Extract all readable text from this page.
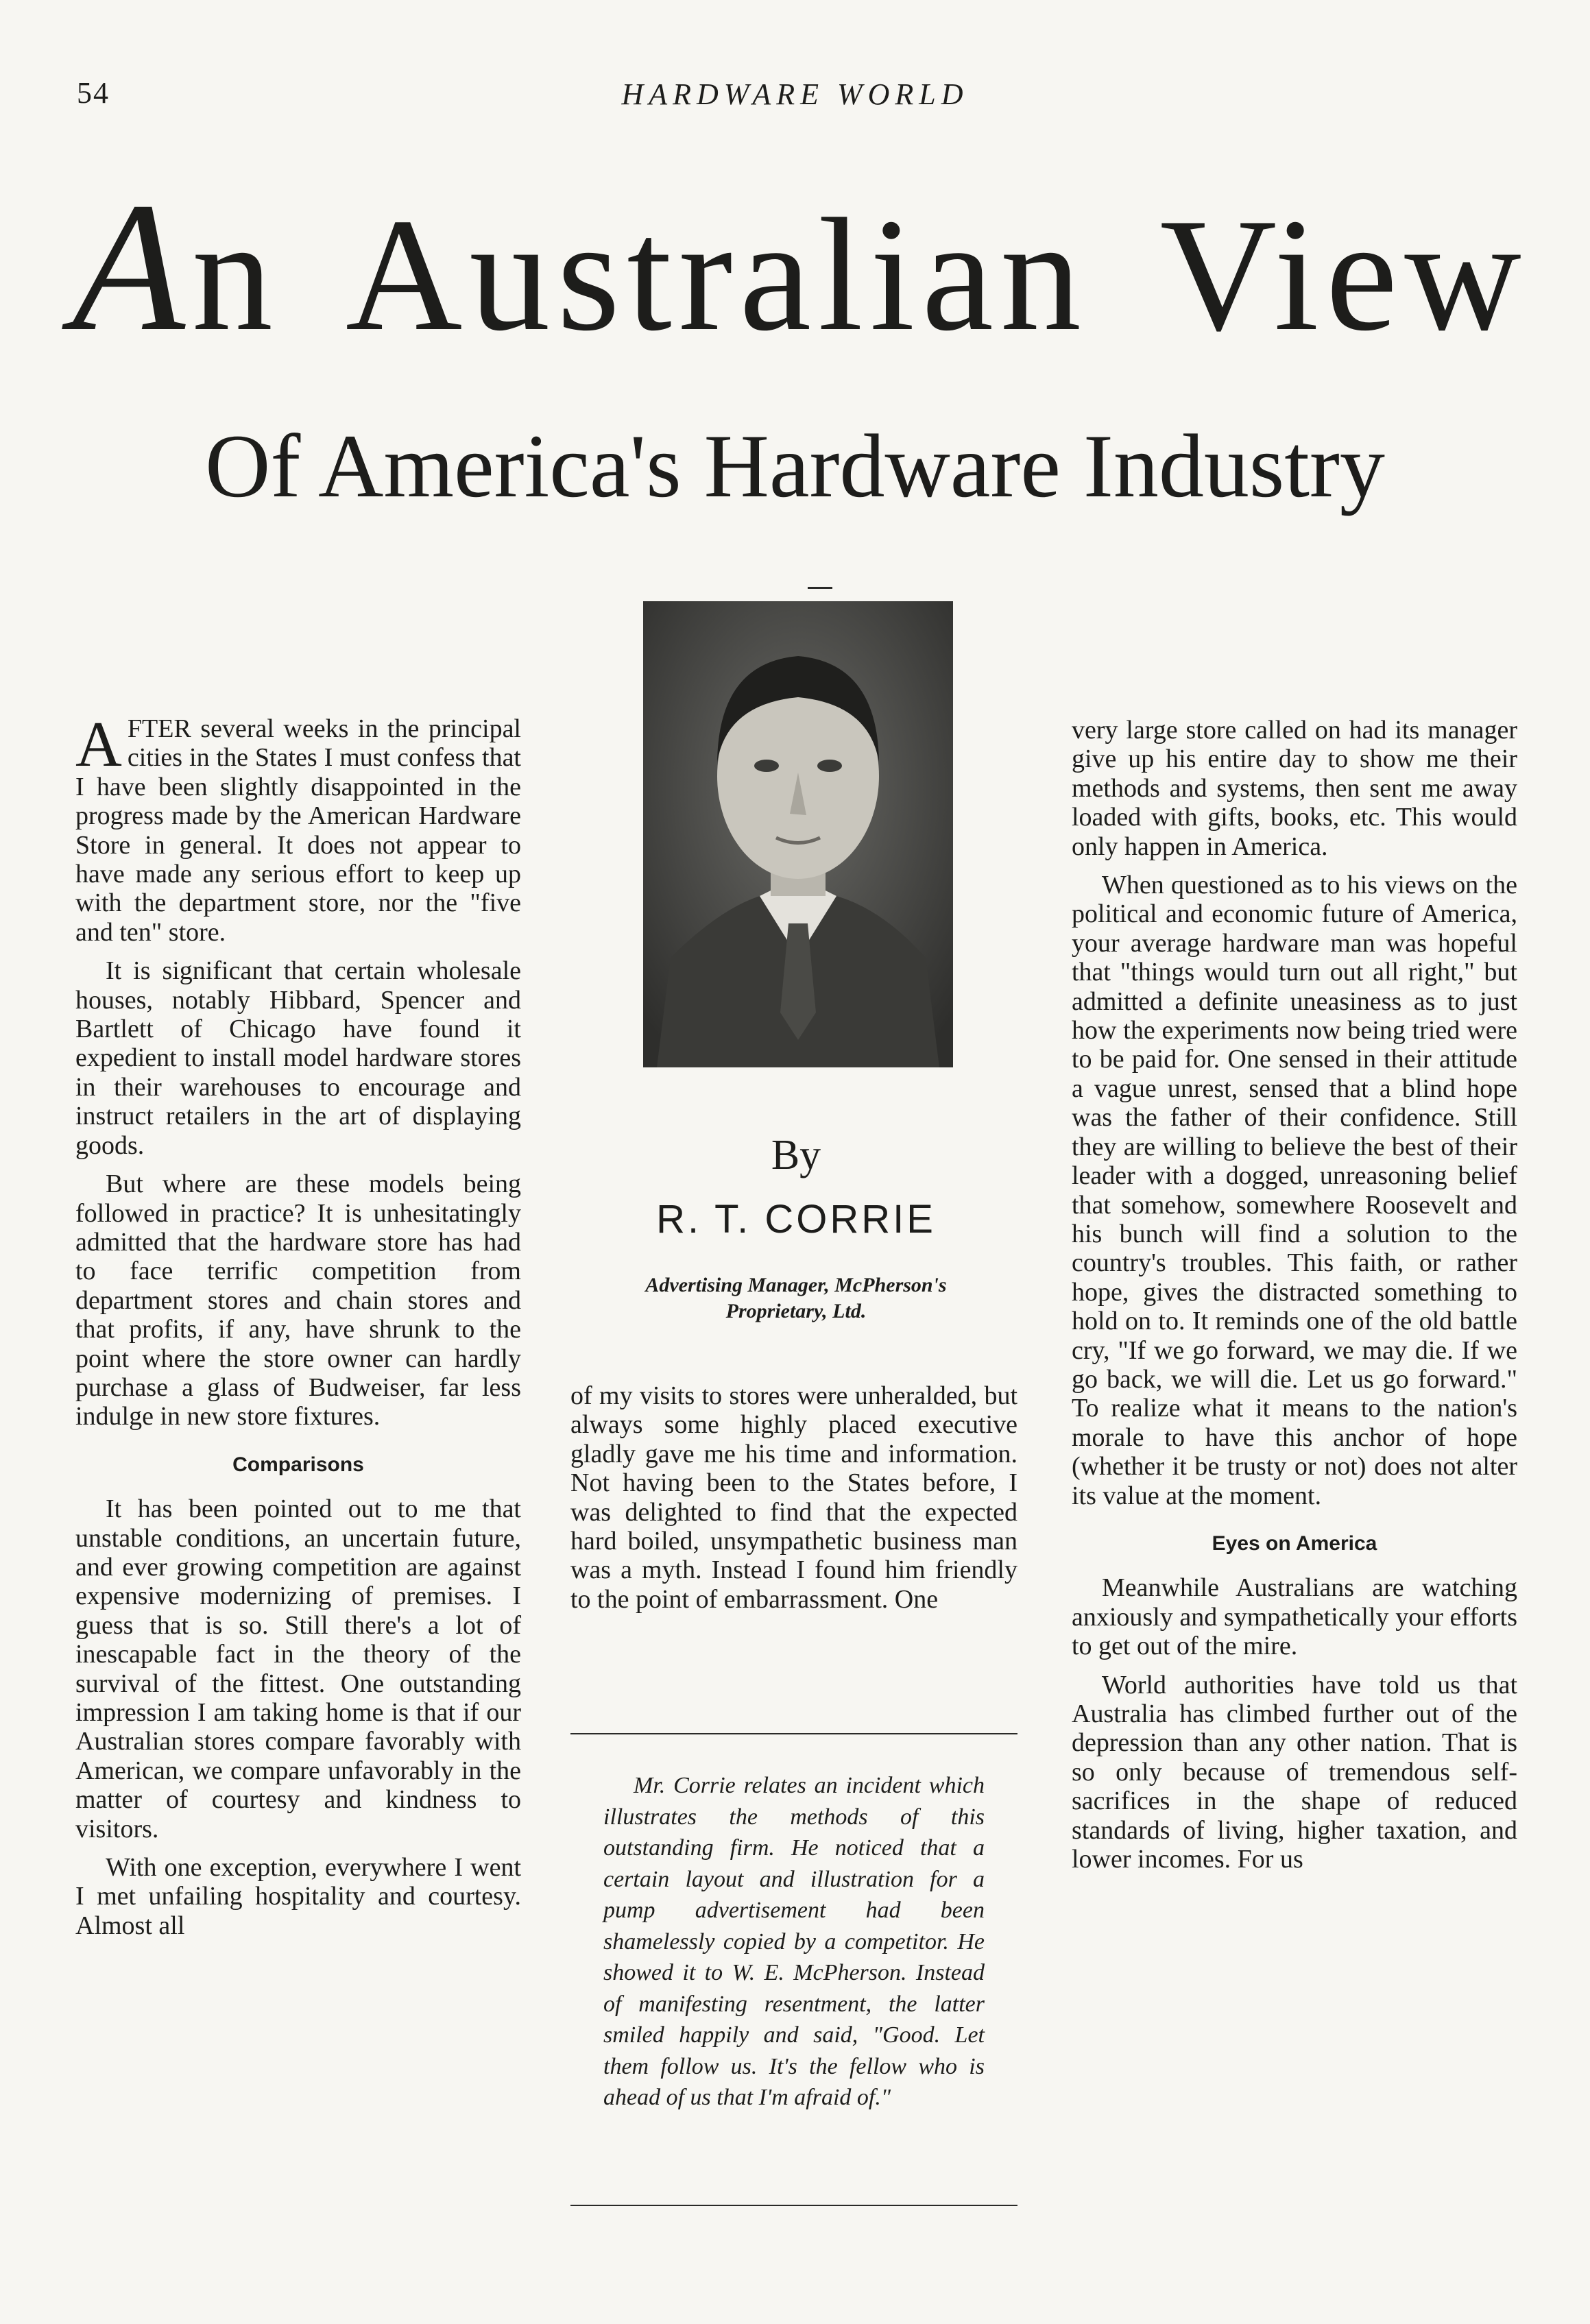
54	HARDWARE WORLD
An Australian View
Of America's Hardware Industry

AFTER several weeks in the principal cities in the States I must confess that I have been slightly disappointed in the progress made by the American Hardware Store in general. It does not appear to have made any serious effort to keep up with the department store, nor the "five and ten" store.

It is significant that certain wholesale houses, notably Hibbard, Spencer and Bartlett of Chicago have found it expedient to install model hardware stores in their warehouses to encourage and instruct retailers in the art of displaying goods.

But where are these models being followed in practice? It is unhesitatingly admitted that the hardware store has had to face terrific competition from department stores and chain stores and that profits, if any, have shrunk to the point where the store owner can hardly purchase a glass of Budweiser, far less indulge in new store fixtures.

Comparisons

It has been pointed out to me that unstable conditions, an uncertain future, and ever growing competition are against expensive modernizing of premises. I guess that is so. Still there's a lot of inescapable fact in the theory of the survival of the fittest. One outstanding impression I am taking home is that if our Australian stores compare favorably with American, we compare unfavorably in the matter of courtesy and kindness to visitors.

With one exception, everywhere I went I met unfailing hospitality and courtesy. Almost all

By
R. T. CORRIE
Advertising Manager, McPherson's
Proprietary, Ltd.

of my visits to stores were unheralded, but always some highly placed executive gladly gave me his time and information. Not having been to the States before, I was delighted to find that the expected hard boiled, unsympathetic business man was a myth. Instead I found him friendly to the point of embarrassment. One

Mr. Corrie relates an incident which illustrates the methods of this outstanding firm. He noticed that a certain layout and illustration for a pump advertisement had been shamelessly copied by a competitor. He showed it to W. E. McPherson. Instead of manifesting resentment, the latter smiled happily and said, "Good. Let them follow us. It's the fellow who is ahead of us that I'm afraid of."

very large store called on had its manager give up his entire day to show me their methods and systems, then sent me away loaded with gifts, books, etc. This would only happen in America.

When questioned as to his views on the political and economic future of America, your average hardware man was hopeful that "things would turn out all right," but admitted a definite uneasiness as to just how the experiments now being tried were to be paid for. One sensed in their attitude a vague unrest, sensed that a blind hope was the father of their confidence. Still they are willing to believe the best of their leader with a dogged, unreasoning belief that somehow, somewhere Roosevelt and his bunch will find a solution to the country's troubles. This faith, or rather hope, gives the distracted something to hold on to. It reminds one of the old battle cry, "If we go forward, we may die. If we go back, we will die. Let us go forward." To realize what it means to the nation's morale to have this anchor of hope (whether it be trusty or not) does not alter its value at the moment.

Eyes on America

Meanwhile Australians are watching anxiously and sympathetically your efforts to get out of the mire.

World authorities have told us that Australia has climbed further out of the depression than any other nation. That is so only because of tremendous self-sacrifices in the shape of reduced standards of living, higher taxation, and lower incomes. For us
